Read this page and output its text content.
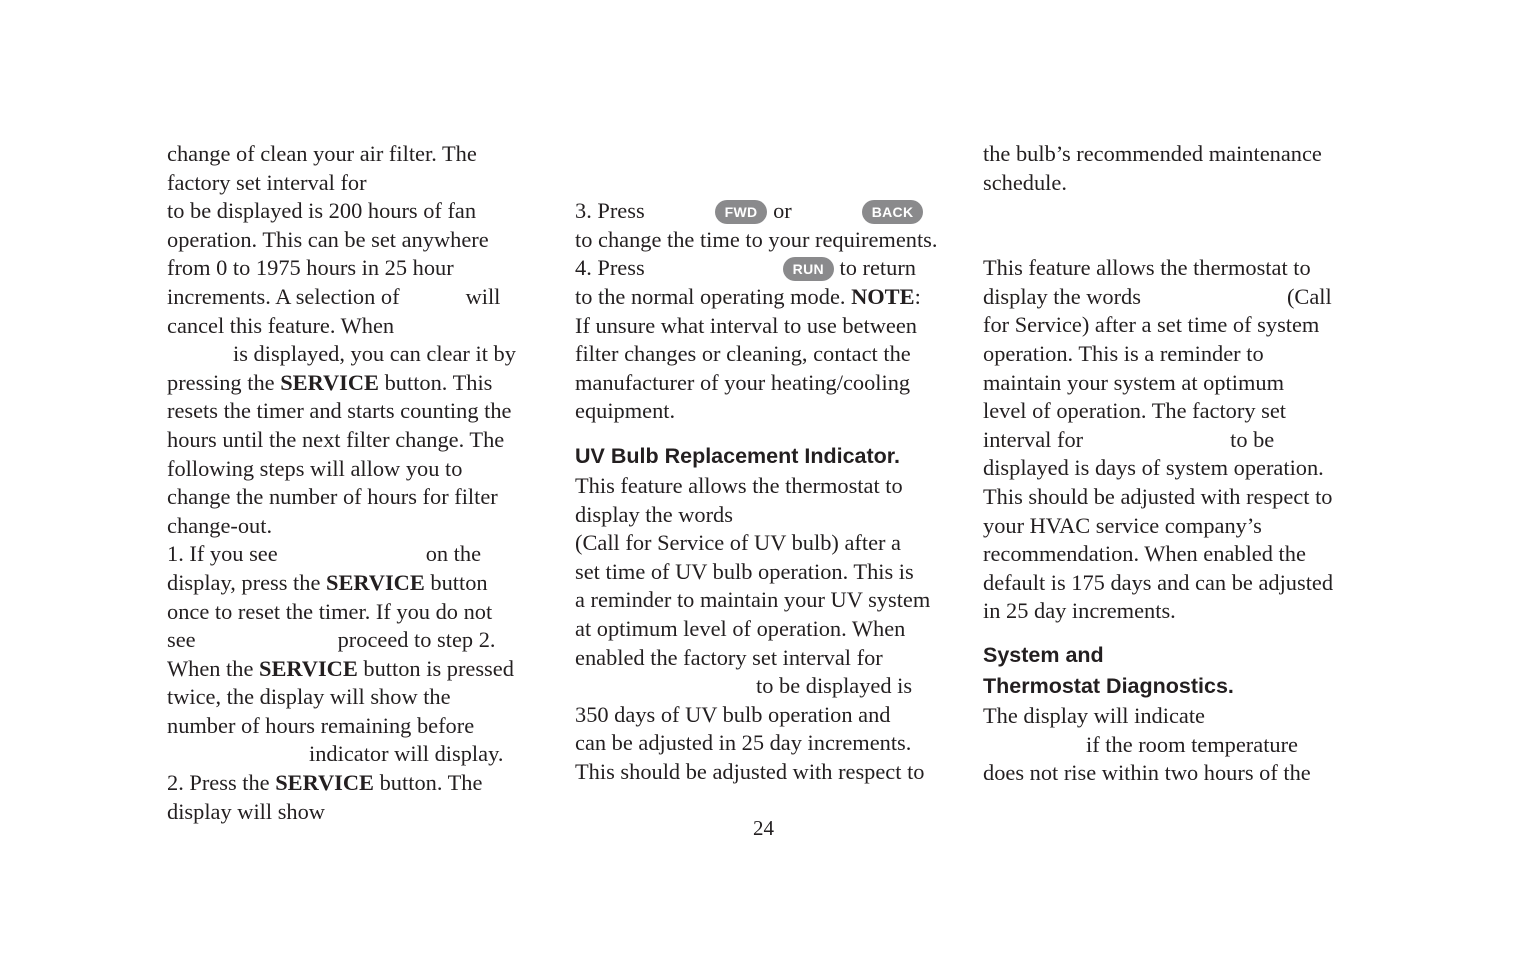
change of clean your air filter. The
factory set interval for
to be displayed is 200 hours of fan
operation. This can be set anywhere
from 0 to 1975 hours in 25 hour
increments. A selection of	will
cancel this feature. When
is displayed, you can clear it by
pressing the SERVICE button. This
resets the timer and starts counting the
hours until the next filter change. The
following steps will allow you to
change the number of hours for filter
change-out.
1. If you see	on the
display, press the SERVICE button
once to reset the timer. If you do not
see	proceed to step 2.
When the SERVICE button is pressed
twice, the display will show the
number of hours remaining before
indicator will display.
2. Press the SERVICE button. The
display will show
3. Press	FWD or	BACK
to change the time to your requirements.
4. Press	RUN to return
to the normal operating mode. NOTE:
If unsure what interval to use between
filter changes or cleaning, contact the
manufacturer of your heating/cooling
equipment.
UV Bulb Replacement Indicator.
This feature allows the thermostat to
display the words
(Call for Service of UV bulb) after a
set time of UV bulb operation. This is
a reminder to maintain your UV system
at optimum level of operation. When
enabled the factory set interval for
to be displayed is
350 days of UV bulb operation and
can be adjusted in 25 day increments.
This should be adjusted with respect to
the bulb’s recommended maintenance
schedule.
This feature allows the thermostat to
display the words	(Call
for Service) after a set time of system
operation. This is a reminder to
maintain your system at optimum
level of operation. The factory set
interval for	to be
displayed is days of system operation.
This should be adjusted with respect to
your HVAC service company’s
recommendation. When enabled the
default is 175 days and can be adjusted
in 25 day increments.
System and
Thermostat Diagnostics.
The display will indicate
if the room temperature
does not rise within two hours of the
24
